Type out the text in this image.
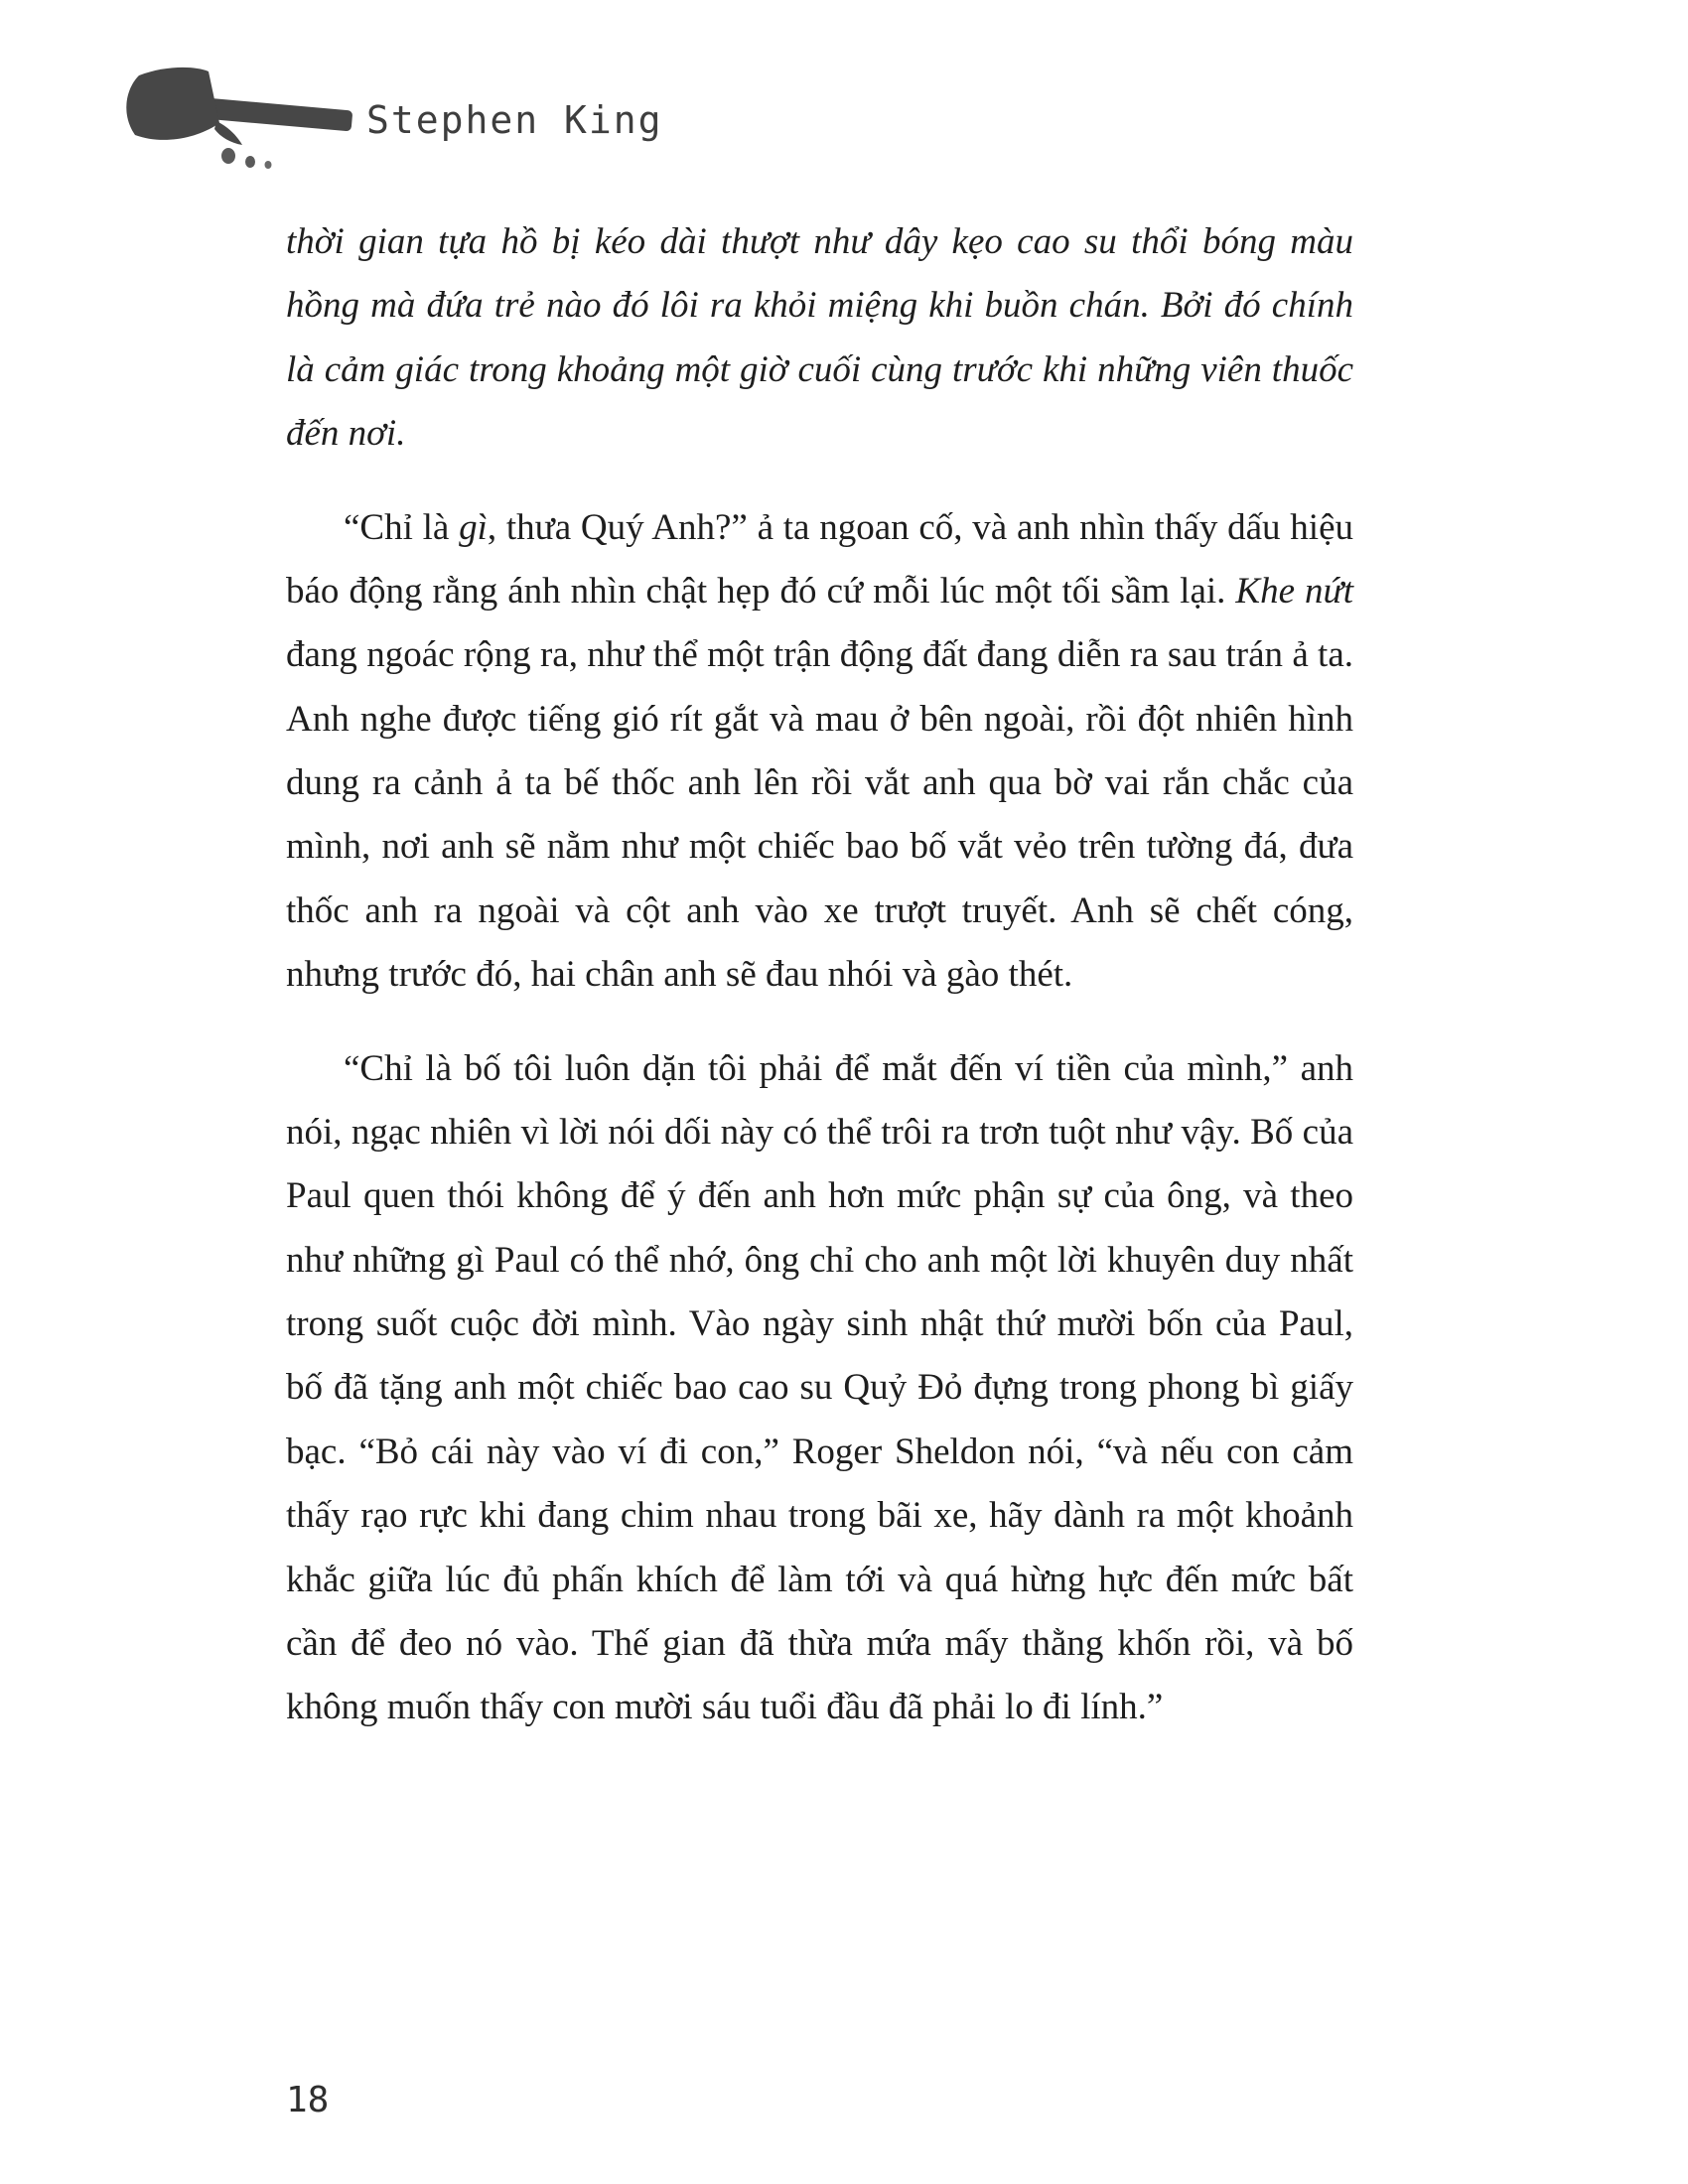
Stephen King

thời gian tựa hồ bị kéo dài thượt như dây kẹo cao su thổi bóng màu hồng mà đứa trẻ nào đó lôi ra khỏi miệng khi buồn chán. Bởi đó chính là cảm giác trong khoảng một giờ cuối cùng trước khi những viên thuốc đến nơi.

“Chỉ là gì, thưa Quý Anh?” ả ta ngoan cố, và anh nhìn thấy dấu hiệu báo động rằng ánh nhìn chật hẹp đó cứ mỗi lúc một tối sầm lại. Khe nứt đang ngoác rộng ra, như thể một trận động đất đang diễn ra sau trán ả ta. Anh nghe được tiếng gió rít gắt và mau ở bên ngoài, rồi đột nhiên hình dung ra cảnh ả ta bế thốc anh lên rồi vắt anh qua bờ vai rắn chắc của mình, nơi anh sẽ nằm như một chiếc bao bố vắt vẻo trên tường đá, đưa thốc anh ra ngoài và cột anh vào xe trượt truyết. Anh sẽ chết cóng, nhưng trước đó, hai chân anh sẽ đau nhói và gào thét.

“Chỉ là bố tôi luôn dặn tôi phải để mắt đến ví tiền của mình,” anh nói, ngạc nhiên vì lời nói dối này có thể trôi ra trơn tuột như vậy. Bố của Paul quen thói không để ý đến anh hơn mức phận sự của ông, và theo như những gì Paul có thể nhớ, ông chỉ cho anh một lời khuyên duy nhất trong suốt cuộc đời mình. Vào ngày sinh nhật thứ mười bốn của Paul, bố đã tặng anh một chiếc bao cao su Quỷ Đỏ đựng trong phong bì giấy bạc. “Bỏ cái này vào ví đi con,” Roger Sheldon nói, “và nếu con cảm thấy rạo rực khi đang chim nhau trong bãi xe, hãy dành ra một khoảnh khắc giữa lúc đủ phấn khích để làm tới và quá hừng hực đến mức bất cần để đeo nó vào. Thế gian đã thừa mứa mấy thằng khốn rồi, và bố không muốn thấy con mười sáu tuổi đầu đã phải lo đi lính.”

18
